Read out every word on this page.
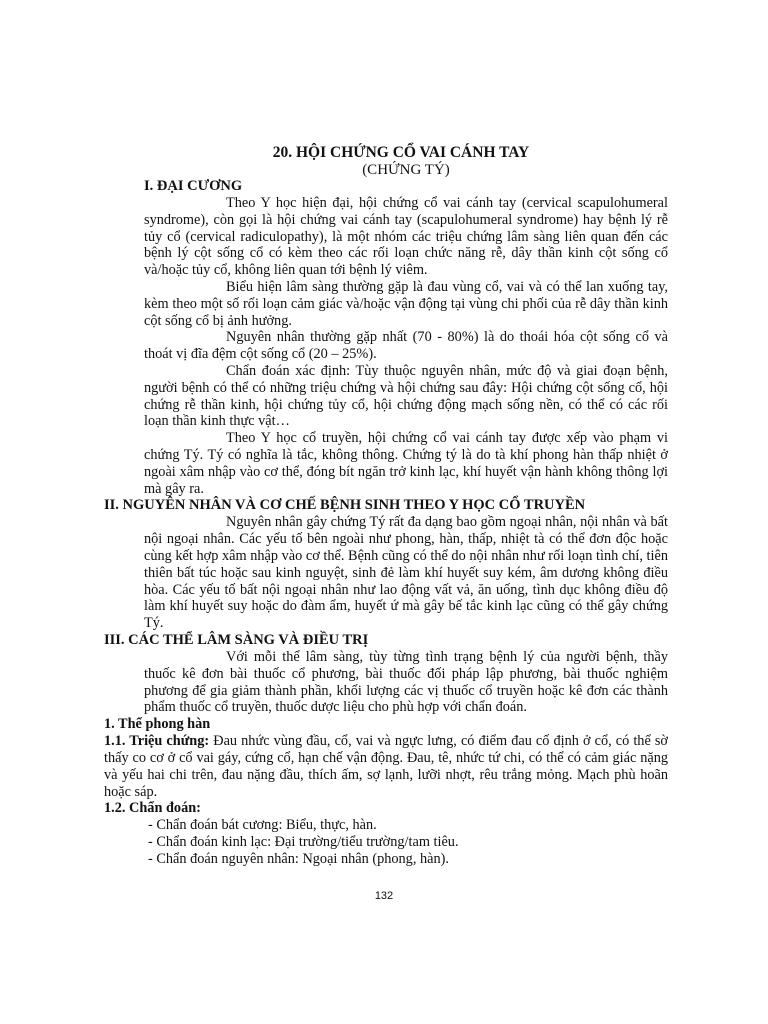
20. HỘI CHỨNG CỔ VAI CÁNH TAY
(CHỨNG TÝ)
I. ĐẠI CƯƠNG

Theo Y học hiện đại, hội chứng cổ vai cánh tay (cervical scapulohumeral syndrome), còn gọi là hội chứng vai cánh tay (scapulohumeral syndrome) hay bệnh lý rễ tủy cổ (cervical radiculopathy), là một nhóm các triệu chứng lâm sàng liên quan đến các bệnh lý cột sống cổ có kèm theo các rối loạn chức năng rễ, dây thần kinh cột sống cổ và/hoặc tủy cổ, không liên quan tới bệnh lý viêm.

Biểu hiện lâm sàng thường gặp là đau vùng cổ, vai và có thể lan xuống tay, kèm theo một số rối loạn cảm giác và/hoặc vận động tại vùng chi phối của rễ dây thần kinh cột sống cổ bị ảnh hưởng.

Nguyên nhân thường gặp nhất (70 - 80%) là do thoái hóa cột sống cổ và thoát vị đĩa đệm cột sống cổ (20 – 25%).

Chẩn đoán xác định: Tùy thuộc nguyên nhân, mức độ và giai đoạn bệnh, người bệnh có thể có những triệu chứng và hội chứng sau đây: Hội chứng cột sống cổ, hội chứng rễ thần kinh, hội chứng tủy cổ, hội chứng động mạch sống nền, có thể có các rối loạn thần kinh thực vật…

Theo Y học cổ truyền, hội chứng cổ vai cánh tay được xếp vào phạm vi chứng Tý. Tý có nghĩa là tắc, không thông. Chứng tý là do tà khí phong hàn thấp nhiệt ở ngoài xâm nhập vào cơ thể, đóng bít ngăn trở kinh lạc, khí huyết vận hành không thông lợi mà gây ra.

II. NGUYÊN NHÂN VÀ CƠ CHẾ BỆNH SINH THEO Y HỌC CỔ TRUYỀN

Nguyên nhân gây chứng Tý rất đa dạng bao gồm ngoại nhân, nội nhân và bất nội ngoại nhân. Các yếu tố bên ngoài như phong, hàn, thấp, nhiệt tà có thể đơn độc hoặc cùng kết hợp xâm nhập vào cơ thể. Bệnh cũng có thể do nội nhân như rối loạn tình chí, tiên thiên bất túc hoặc sau kinh nguyệt, sinh đẻ làm khí huyết suy kém, âm dương không điều hòa. Các yếu tố bất nội ngoại nhân như lao động vất vả, ăn uống, tình dục không điều độ làm khí huyết suy hoặc do đàm ẩm, huyết ứ mà gây bế tắc kinh lạc cũng có thể gây chứng Tý.

III. CÁC THỂ LÂM SÀNG VÀ ĐIỀU TRỊ

Với mỗi thể lâm sàng, tùy từng tình trạng bệnh lý của người bệnh, thầy thuốc kê đơn bài thuốc cổ phương, bài thuốc đối pháp lập phương, bài thuốc nghiệm phương để gia giảm thành phần, khối lượng các vị thuốc cổ truyền hoặc kê đơn các thành phẩm thuốc cổ truyền, thuốc dược liệu cho phù hợp với chẩn đoán.

1. Thể phong hàn

1.1. Triệu chứng: Đau nhức vùng đầu, cổ, vai và ngực lưng, có điểm đau cố định ở cổ, có thể sờ thấy co cơ ở cổ vai gáy, cứng cổ, hạn chế vận động. Đau, tê, nhức tứ chi, có thể có cảm giác nặng và yếu hai chi trên, đau nặng đầu, thích ấm, sợ lạnh, lưỡi nhợt, rêu trắng mỏng. Mạch phù hoãn hoặc sáp.

1.2. Chẩn đoán:
- Chẩn đoán bát cương: Biểu, thực, hàn.
- Chẩn đoán kinh lạc: Đại trường/tiểu trường/tam tiêu.
- Chẩn đoán nguyên nhân: Ngoại nhân (phong, hàn).
132
